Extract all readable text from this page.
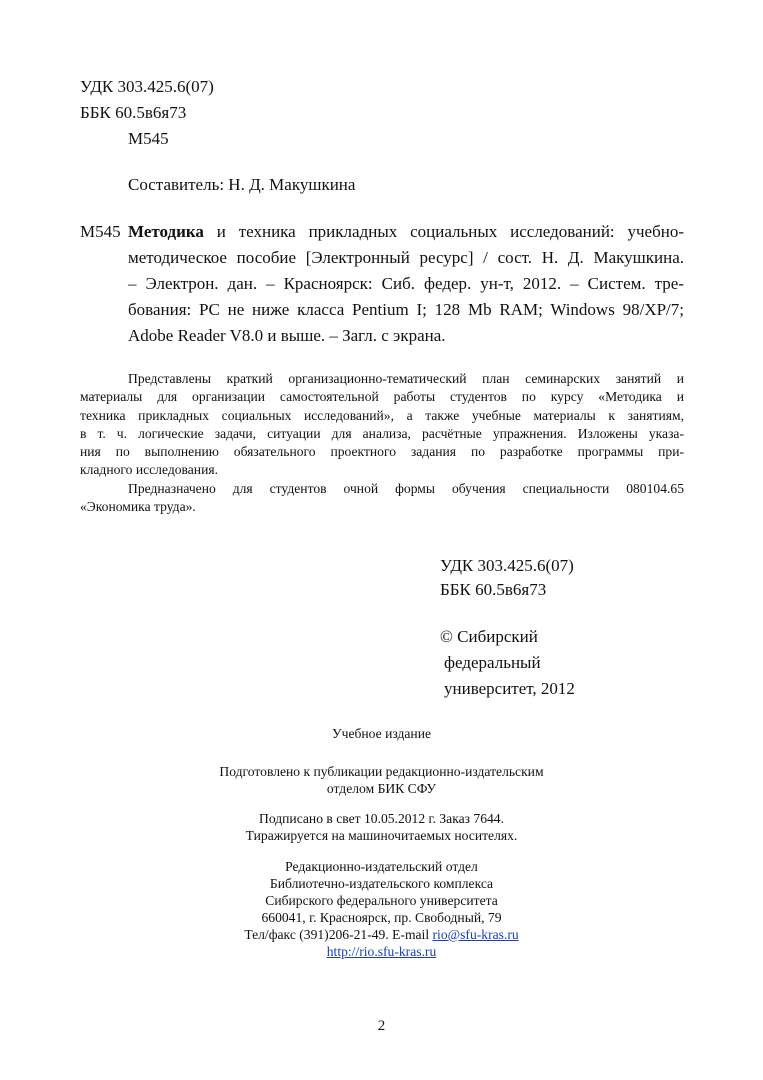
УДК 303.425.6(07)
ББК 60.5в6я73
М545
Составитель: Н. Д. Макушкина
М545 Методика и техника прикладных социальных исследований: учебно-
методическое пособие [Электронный ресурс] / сост. Н. Д. Макушкина.
– Электрон. дан. – Красноярск: Сиб. федер. ун-т, 2012. – Систем. тре-
бования: PC не ниже класса Pentium I; 128 Mb RAM; Windows 98/XP/7;
Adobe Reader V8.0 и выше. – Загл. с экрана.
Представлены краткий организационно-тематический план семинарских занятий и
материалы для организации самостоятельной работы студентов по курсу «Методика и
техника прикладных социальных исследований», а также учебные материалы к занятиям,
в т. ч. логические задачи, ситуации для анализа, расчётные упражнения. Изложены указа-
ния по выполнению обязательного проектного задания по разработке программы при-
кладного исследования.
Предназначено для студентов очной формы обучения специальности 080104.65
«Экономика труда».
УДК 303.425.6(07)
ББК 60.5в6я73
© Сибирский
федеральный
университет, 2012
Учебное издание
Подготовлено к публикации редакционно-издательским
отделом БИК СФУ
Подписано в свет 10.05.2012 г. Заказ 7644.
Тиражируется на машиночитаемых носителях.
Редакционно-издательский отдел
Библиотечно-издательского комплекса
Сибирского федерального университета
660041, г. Красноярск, пр. Свободный, 79
Тел/факс (391)206-21-49. E-mail rio@sfu-kras.ru
http://rio.sfu-kras.ru
2
